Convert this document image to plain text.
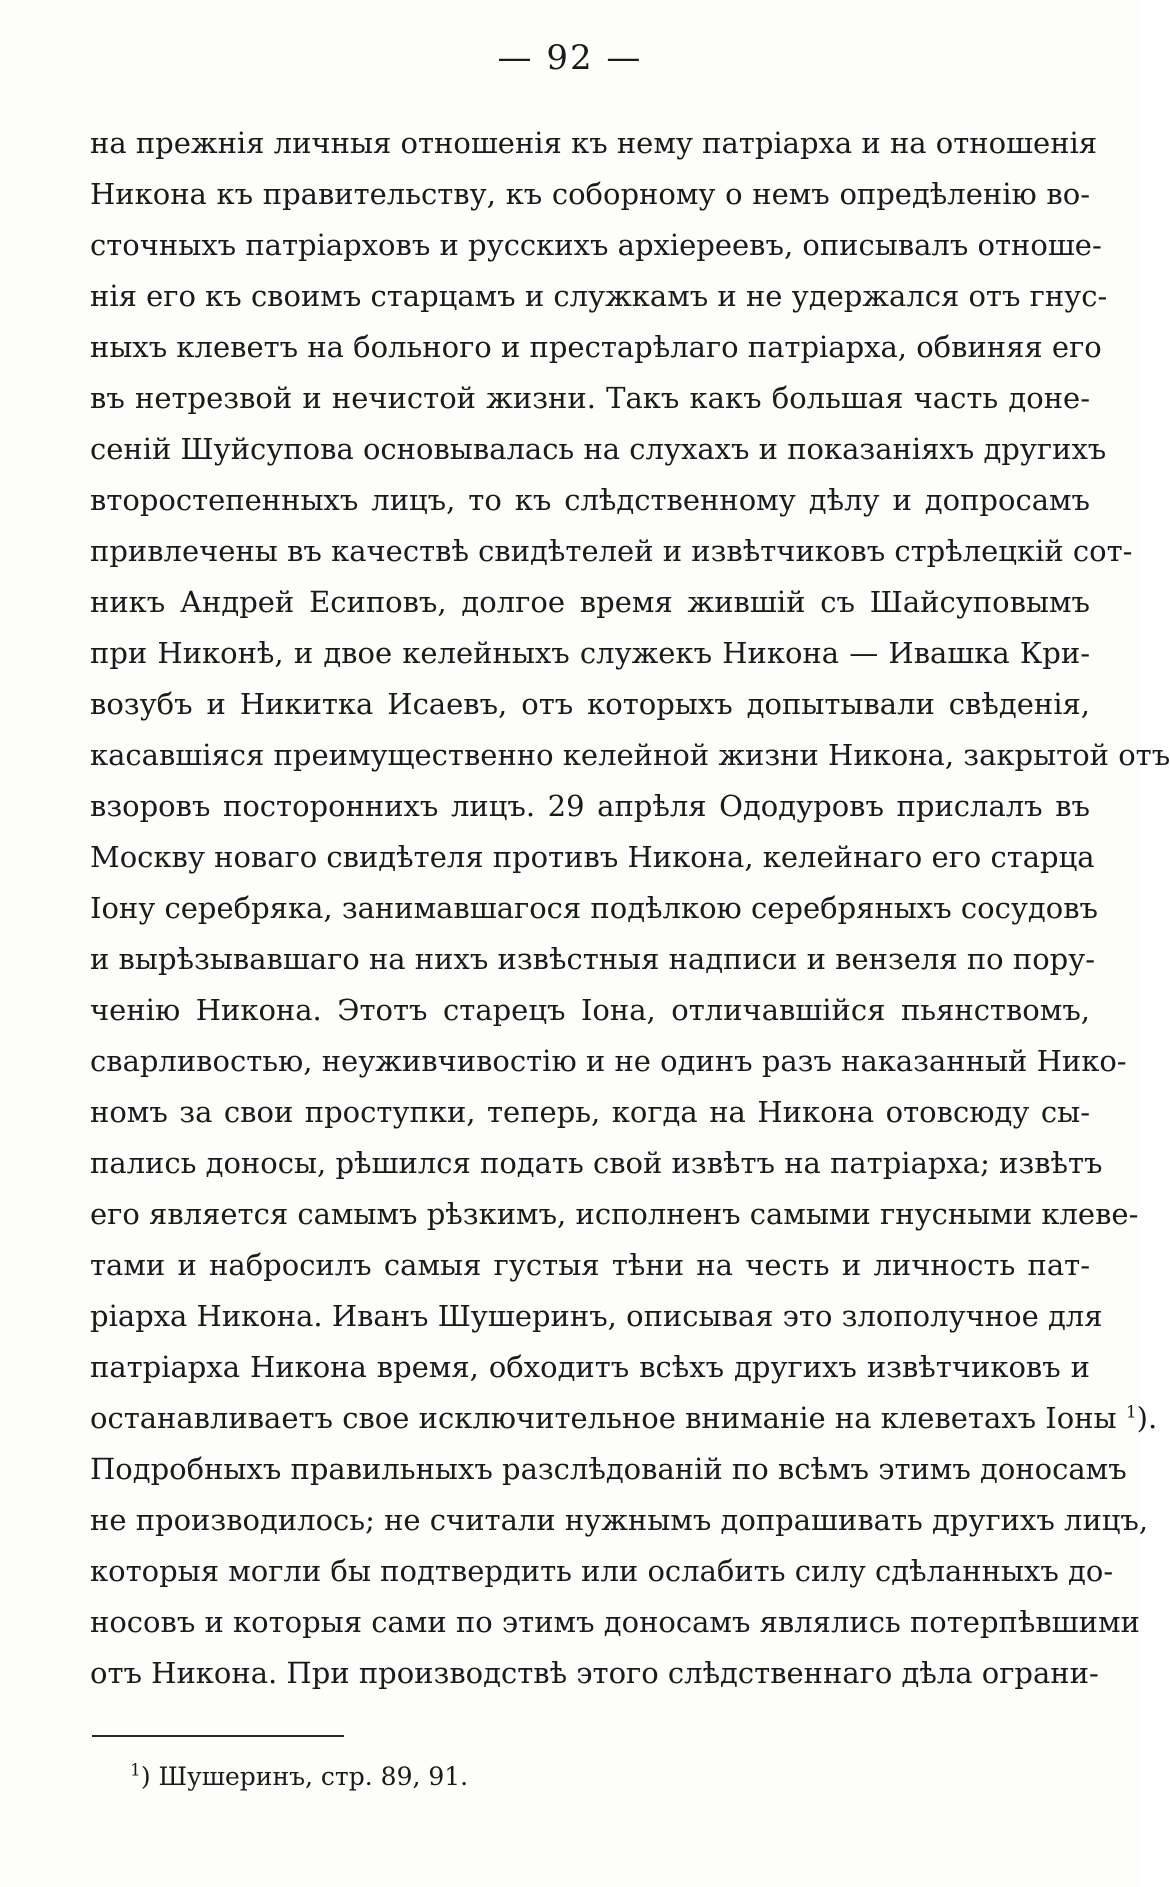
— 92 —
на прежнія личныя отношенія къ нему патріарха и на отношенія
Никона къ правительству, къ соборному о немъ опредѣленію во-
сточныхъ патріарховъ и русскихъ архіереевъ, описывалъ отноше-
нія его къ своимъ старцамъ и служкамъ и не удержался отъ гнус-
ныхъ клеветъ на больного и престарѣлаго патріарха, обвиняя его
въ нетрезвой и нечистой жизни. Такъ какъ большая часть доне-
сеній Шуйсупова основывалась на слухахъ и показаніяхъ другихъ
второстепенныхъ лицъ, то къ слѣдственному дѣлу и допросамъ
привлечены въ качествѣ свидѣтелей и извѣтчиковъ стрѣлецкій сот-
никъ Андрей Есиповъ, долгое время жившій съ Шайсуповымъ
при Никонѣ, и двое келейныхъ служекъ Никона — Ивашка Кри-
возубъ и Никитка Исаевъ, отъ которыхъ допытывали свѣденія,
касавшіяся преимущественно келейной жизни Никона, закрытой отъ
взоровъ постороннихъ лицъ. 29 апрѣля Ододуровъ прислалъ въ
Москву новаго свидѣтеля противъ Никона, келейнаго его старца
Іону серебряка, занимавшагося подѣлкою серебряныхъ сосудовъ
и вырѣзывавшаго на нихъ извѣстныя надписи и вензеля по пору-
ченію Никона. Этотъ старецъ Іона, отличавшійся пьянствомъ,
сварливостью, неуживчивостію и не одинъ разъ наказанный Нико-
номъ за свои проступки, теперь, когда на Никона отовсюду сы-
пались доносы, рѣшился подать свой извѣтъ на патріарха; извѣтъ
его является самымъ рѣзкимъ, исполненъ самыми гнусными клеве-
тами и набросилъ самыя густыя тѣни на честь и личность пат-
ріарха Никона. Иванъ Шушеринъ, описывая это злополучное для
патріарха Никона время, обходитъ всѣхъ другихъ извѣтчиковъ и
останавливаетъ свое исключительное вниманіе на клеветахъ Іоны $^1$).
Подробныхъ правильныхъ разслѣдованій по всѣмъ этимъ доносамъ
не производилось; не считали нужнымъ допрашивать другихъ лицъ,
которыя могли бы подтвердить или ослабить силу сдѣланныхъ до-
носовъ и которыя сами по этимъ доносамъ являлись потерпѣвшими
отъ Никона. При производствѣ этого слѣдственнаго дѣла ограни-
$^1$) Шушеринъ, стр. 89, 91.
